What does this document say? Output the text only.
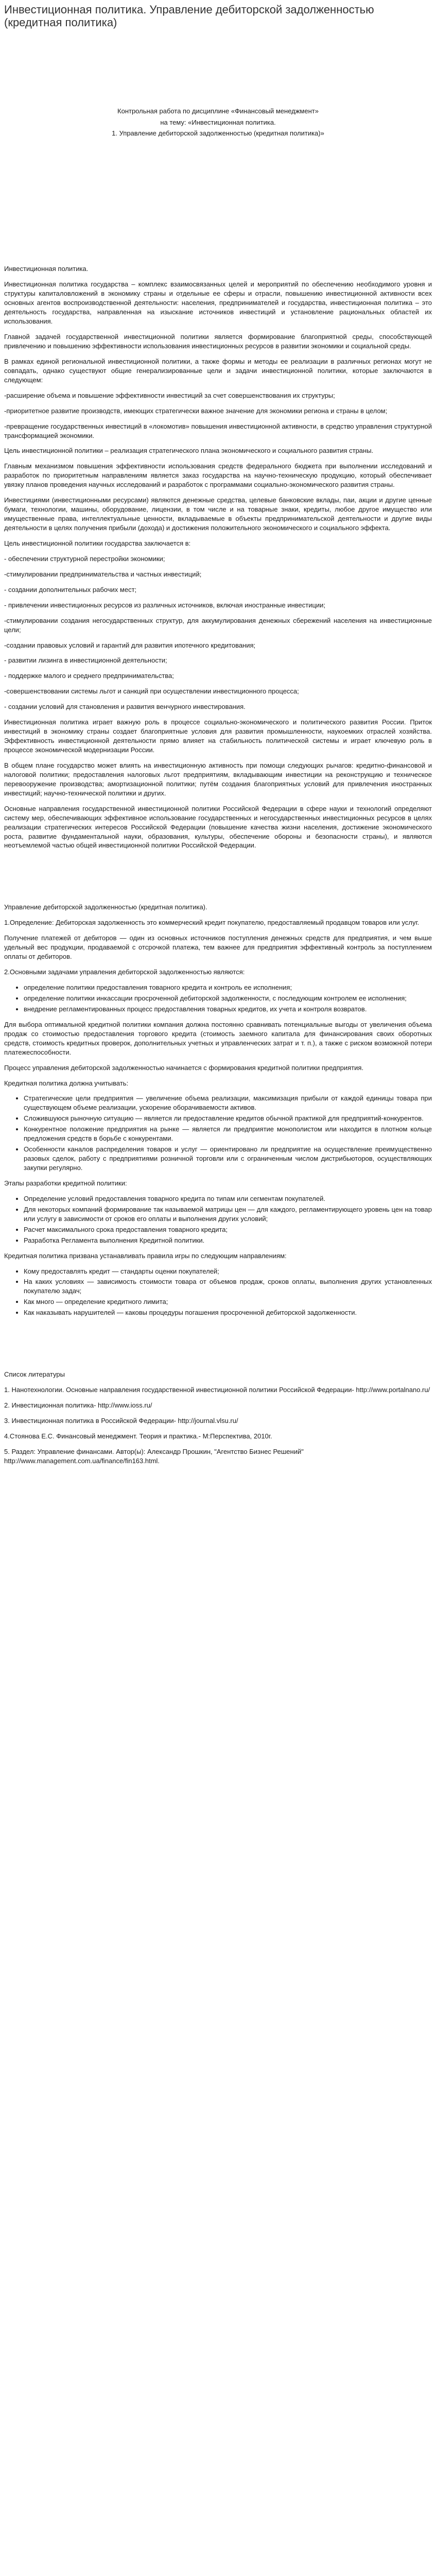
Инвестиционная политика. Управление дебиторской задолженностью (кредитная политика)
Контрольная работа по дисциплине «Финансовый менеджмент»
на тему: «Инвестиционная политика.
1. Управление дебиторской задолженностью (кредитная политика)»

Инвестиционная политика.

Инвестиционная политика государства – комплекс взаимосвязанных целей и мероприятий по обеспечению необходимого уровня и структуры капиталовложений в экономику страны и отдельные ее сферы и отрасли, повышению инвестиционной активности всех основных агентов воспроизводственной деятельности: населения, предпринимателей и государства, инвестиционная политика – это деятельность государства, направленная на изыскание источников инвестиций и установление рациональных областей их использования.

Главной задачей государственной инвестиционной политики является формирование благоприятной среды, способствующей привлечению и повышению эффективности использования инвестиционных ресурсов в развитии экономики и социальной среды.

В рамках единой региональной инвестиционной политики, а также формы и методы ее реализации в различных регионах могут не совпадать, однако существуют общие генерализированные цели и задачи инвестиционной политики, которые заключаются в следующем:

-расширение объема и повышение эффективности инвестиций за счет совершенствования их структуры;

-приоритетное развитие производств, имеющих стратегически важное значение для экономики региона и страны в целом;

-превращение государственных инвестиций в «локомотив» повышения инвестиционной активности, в средство управления структурной трансформацией экономики.

Цель инвестиционной политики – реализация стратегического плана экономического и социального развития страны.

Главным механизмом повышения эффективности использования средств федерального бюджета при выполнении исследований и разработок по приоритетным направлениям является заказ государства на научно-техническую продукцию, который обеспечивает увязку планов проведения научных исследований и разработок с программами социально-экономического развития страны.

Инвестициями (инвестиционными ресурсами) являются денежные средства, целевые банковские вклады, паи, акции и другие ценные бумаги, технологии, машины, оборудование, лицензии, в том числе и на товарные знаки, кредиты, любое другое имущество или имущественные права, интеллектуальные ценности, вкладываемые в объекты предпринимательской деятельности и другие виды деятельности в целях получения прибыли (дохода) и достижения положительного экономического и социального эффекта.

Цель инвестиционной политики государства заключается в:

- обеспечении структурной перестройки экономики;

-стимулировании предпринимательства и частных инвестиций;

- создании дополнительных рабочих мест;

- привлечении инвестиционных ресурсов из различных источников, включая иностранные инвестиции;

-стимулировании создания негосударственных структур, для аккумулирования денежных сбережений населения на инвестиционные цели;

-создании правовых условий и гарантий для развития ипотечного кредитования;

- развитии лизинга в инвестиционной деятельности;

- поддержке малого и среднего предпринимательства;

-совершенствовании системы льгот и санкций при осуществлении инвестиционного процесса;

- создании условий для становления и развития венчурного инвестирования.

Инвестиционная политика играет важную роль в процессе социально-экономического и политического развития России. Приток инвестиций в экономику страны создает благоприятные условия для развития промышленности, наукоемких отраслей хозяйства. Эффективность инвестиционной деятельности прямо влияет на стабильность политической системы и играет ключевую роль в процессе экономической модернизации России.

В общем плане государство может влиять на инвестиционную активность при помощи следующих рычагов: кредитно-финансовой и налоговой политики; предоставления налоговых льгот предприятиям, вкладывающим инвестиции на реконструкцию и техническое перевооружение производства; амортизационной политики; путём создания благоприятных условий для привлечения иностранных инвестиций; научно-технической политики и других.

Основные направления государственной инвестиционной политики Российской Федерации в сфере науки и технологий определяют систему мер, обеспечивающих эффективное использование государственных и негосударственных инвестиционных ресурсов в целях реализации стратегических интересов Российской Федерации (повышение качества жизни населения, достижение экономического роста, развитие фундаментальной науки, образования, культуры, обеспечение обороны и безопасности страны), и являются неотъемлемой частью общей инвестиционной политики Российской Федерации.

Управление дебиторской задолженностью (кредитная политика).

1.Определение: Дебиторская задолженность это коммерческий кредит покупателю, предоставляемый продавцом товаров или услуг.

Получение платежей от дебиторов — один из основных источников поступления денежных средств для предприятия, и чем выше удельный вес продукции, продаваемой с отсрочкой платежа, тем важнее для предприятия эффективный контроль за поступлением оплаты от дебиторов.

2.Основными задачами управления дебиторской задолженностью являются:

• определение политики предоставления товарного кредита и контроль ее исполнения;
• определение политики инкассации просроченной дебиторской задолженности, с последующим контролем ее исполнения;
• внедрение регламентированных процесс предоставления товарных кредитов, их учета и контроля возвратов.

Для выбора оптимальной кредитной политики компания должна постоянно сравнивать потенциальные выгоды от увеличения объема продаж со стоимостью предоставления торгового кредита (стоимость заемного капитала для финансирования своих оборотных средств, стоимость кредитных проверок, дополнительных учетных и управленческих затрат и т. п.), а также с риском возможной потери платежеспособности.

Процесс управления дебиторской задолженностью начинается с формирования кредитной политики предприятия.

Кредитная политика должна учитывать:

• Стратегические цели предприятия — увеличение объема реализации, максимизация прибыли от каждой единицы товара при существующем объеме реализации, ускорение оборачиваемости активов.
• Сложившуюся рыночную ситуацию — является ли предоставление кредитов обычной практикой для предприятий-конкурентов.
• Конкурентное положение предприятия на рынке — является ли предприятие монополистом или находится в плотном кольце предложения средств в борьбе с конкурентами.
• Особенности каналов распределения товаров и услуг — ориентировано ли предприятие на осуществление преимущественно разовых сделок, работу с предприятиями розничной торговли или с ограниченным числом дистрибьюторов, осуществляющих закупки регулярно.

Этапы разработки кредитной политики:

• Определение условий предоставления товарного кредита по типам или сегментам покупателей.
• Для некоторых компаний формирование так называемой матрицы цен — для каждого, регламентирующего уровень цен на товар или услугу в зависимости от сроков его оплаты и выполнения других условий;
• Расчет максимального срока предоставления товарного кредита;
• Разработка Регламента выполнения Кредитной политики.

Кредитная политика призвана устанавливать правила игры по следующим направлениям:

• Кому предоставлять кредит — стандарты оценки покупателей;
• На каких условиях — зависимость стоимости товара от объемов продаж, сроков оплаты, выполнения других установленных покупателю задач;
• Как много — определение кредитного лимита;
• Как наказывать нарушителей — каковы процедуры погашения просроченной дебиторской задолженности.

Список литературы

1. Нанотехнологии. Основные направления государственной инвестиционной политики Российской Федерации- http://www.portalnano.ru/
2. Инвестиционная политика- http://www.ioss.ru/
3. Инвестиционная политика в Российской Федерации- http://journal.vlsu.ru/
4.Стоянова Е.С. Финансовый менеджмент. Теория и практика.- М:Перспектива, 2010г.
5. Раздел: Управление финансами. Автор(ы): Александр Прошкин, "Агентство Бизнес Решений" http://www.management.com.ua/finance/fin163.html.
